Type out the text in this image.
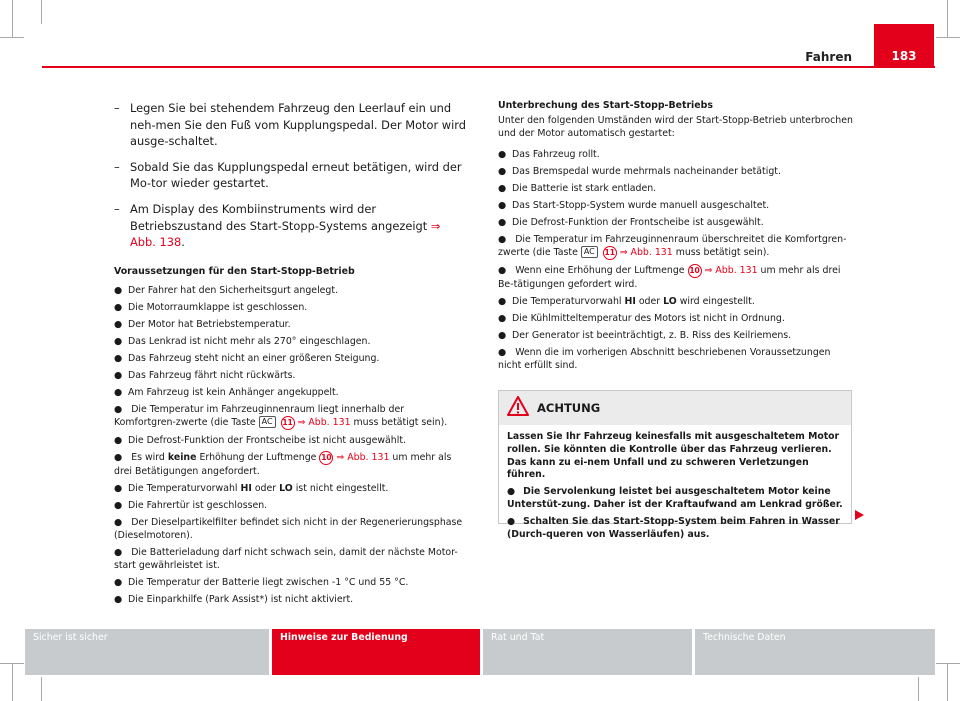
Fahren	183
– Legen Sie bei stehendem Fahrzeug den Leerlauf ein und neh-men Sie den Fuß vom Kupplungspedal. Der Motor wird ausge-schaltet.
– Sobald Sie das Kupplungspedal erneut betätigen, wird der Mo-tor wieder gestartet.
– Am Display des Kombiinstruments wird der Betriebszustand des Start-Stopp-Systems angezeigt ⇒ Abb. 138.
Voraussetzungen für den Start-Stopp-Betrieb
● Der Fahrer hat den Sicherheitsgurt angelegt.
● Die Motorraumklappe ist geschlossen.
● Der Motor hat Betriebstemperatur.
● Das Lenkrad ist nicht mehr als 270° eingeschlagen.
● Das Fahrzeug steht nicht an einer größeren Steigung.
● Das Fahrzeug fährt nicht rückwärts.
● Am Fahrzeug ist kein Anhänger angekuppelt.
● Die Temperatur im Fahrzeuginnenraum liegt innerhalb der Komfortgren-zwerte (die Taste AC 11 ⇒ Abb. 131 muss betätigt sein).
● Die Defrost-Funktion der Frontscheibe ist nicht ausgewählt.
● Es wird keine Erhöhung der Luftmenge 10 ⇒ Abb. 131 um mehr als drei Betätigungen angefordert.
● Die Temperaturvorwahl HI oder LO ist nicht eingestellt.
● Die Fahrertür ist geschlossen.
● Der Dieselpartikelfilter befindet sich nicht in der Regenerierungsphase (Dieselmotoren).
● Die Batterieladung darf nicht schwach sein, damit der nächste Motor-start gewährleistet ist.
● Die Temperatur der Batterie liegt zwischen -1 °C und 55 °C.
● Die Einparkhilfe (Park Assist*) ist nicht aktiviert.
Unterbrechung des Start-Stopp-Betriebs
Unter den folgenden Umständen wird der Start-Stopp-Betrieb unterbrochen und der Motor automatisch gestartet:
● Das Fahrzeug rollt.
● Das Bremspedal wurde mehrmals nacheinander betätigt.
● Die Batterie ist stark entladen.
● Das Start-Stopp-System wurde manuell ausgeschaltet.
● Die Defrost-Funktion der Frontscheibe ist ausgewählt.
● Die Temperatur im Fahrzeuginnenraum überschreitet die Komfortgren-zwerte (die Taste AC 11 ⇒ Abb. 131 muss betätigt sein).
● Wenn eine Erhöhung der Luftmenge 10 ⇒ Abb. 131 um mehr als drei Be-tätigungen gefordert wird.
● Die Temperaturvorwahl HI oder LO wird eingestellt.
● Die Kühlmitteltemperatur des Motors ist nicht in Ordnung.
● Der Generator ist beeinträchtigt, z. B. Riss des Keilriemens.
● Wenn die im vorherigen Abschnitt beschriebenen Voraussetzungen nicht erfüllt sind.
ACHTUNG

Lassen Sie Ihr Fahrzeug keinesfalls mit ausgeschaltetem Motor rollen. Sie könnten die Kontrolle über das Fahrzeug verlieren. Das kann zu ei-nem Unfall und zu schweren Verletzungen führen.

● Die Servolenkung leistet bei ausgeschaltetem Motor keine Unterstüt-zung. Daher ist der Kraftaufwand am Lenkrad größer.

● Schalten Sie das Start-Stopp-System beim Fahren in Wasser (Durch-queren von Wasserläufen) aus.

Sicher ist sicher	Hinweise zur Bedienung	Rat und Tat	Technische Daten
